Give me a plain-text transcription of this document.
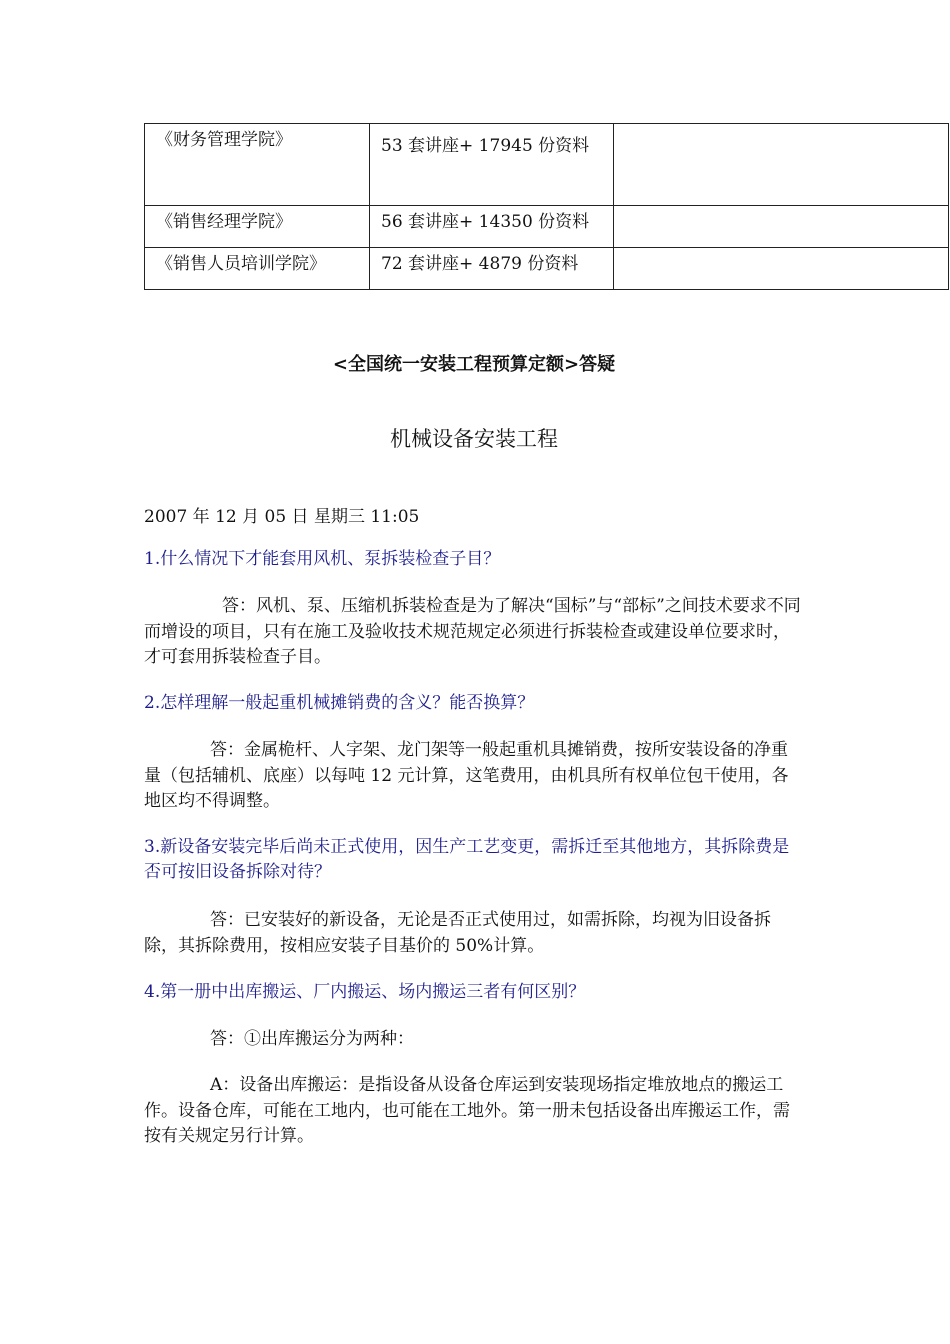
《财务管理学院》	53 套讲座+ 17945 份资料	
《销售经理学院》	56 套讲座+ 14350 份资料	
《销售人员培训学院》	72 套讲座+ 4879 份资料	
<全国统一安装工程预算定额>答疑
机械设备安装工程
2007 年 12 月 05 日 星期三 11:05
1.什么情况下才能套用风机、泵拆装检查子目？
答：风机、泵、压缩机拆装检查是为了解决“国标”与“部标”之间技术要求不同而增设的项目，只有在施工及验收技术规范规定必须进行拆装检查或建设单位要求时，才可套用拆装检查子目。
2.怎样理解一般起重机械摊销费的含义？能否换算？
答：金属桅杆、人字架、龙门架等一般起重机具摊销费，按所安装设备的净重量（包括辅机、底座）以每吨 12 元计算，这笔费用，由机具所有权单位包干使用，各地区均不得调整。
3.新设备安装完毕后尚未正式使用，因生产工艺变更，需拆迁至其他地方，其拆除费是否可按旧设备拆除对待？
答：已安装好的新设备，无论是否正式使用过，如需拆除，均视为旧设备拆除，其拆除费用，按相应安装子目基价的 50%计算。
4.第一册中出库搬运、厂内搬运、场内搬运三者有何区别？
答：①出库搬运分为两种：
A：设备出库搬运：是指设备从设备仓库运到安装现场指定堆放地点的搬运工作。设备仓库，可能在工地内，也可能在工地外。第一册未包括设备出库搬运工作，需按有关规定另行计算。
